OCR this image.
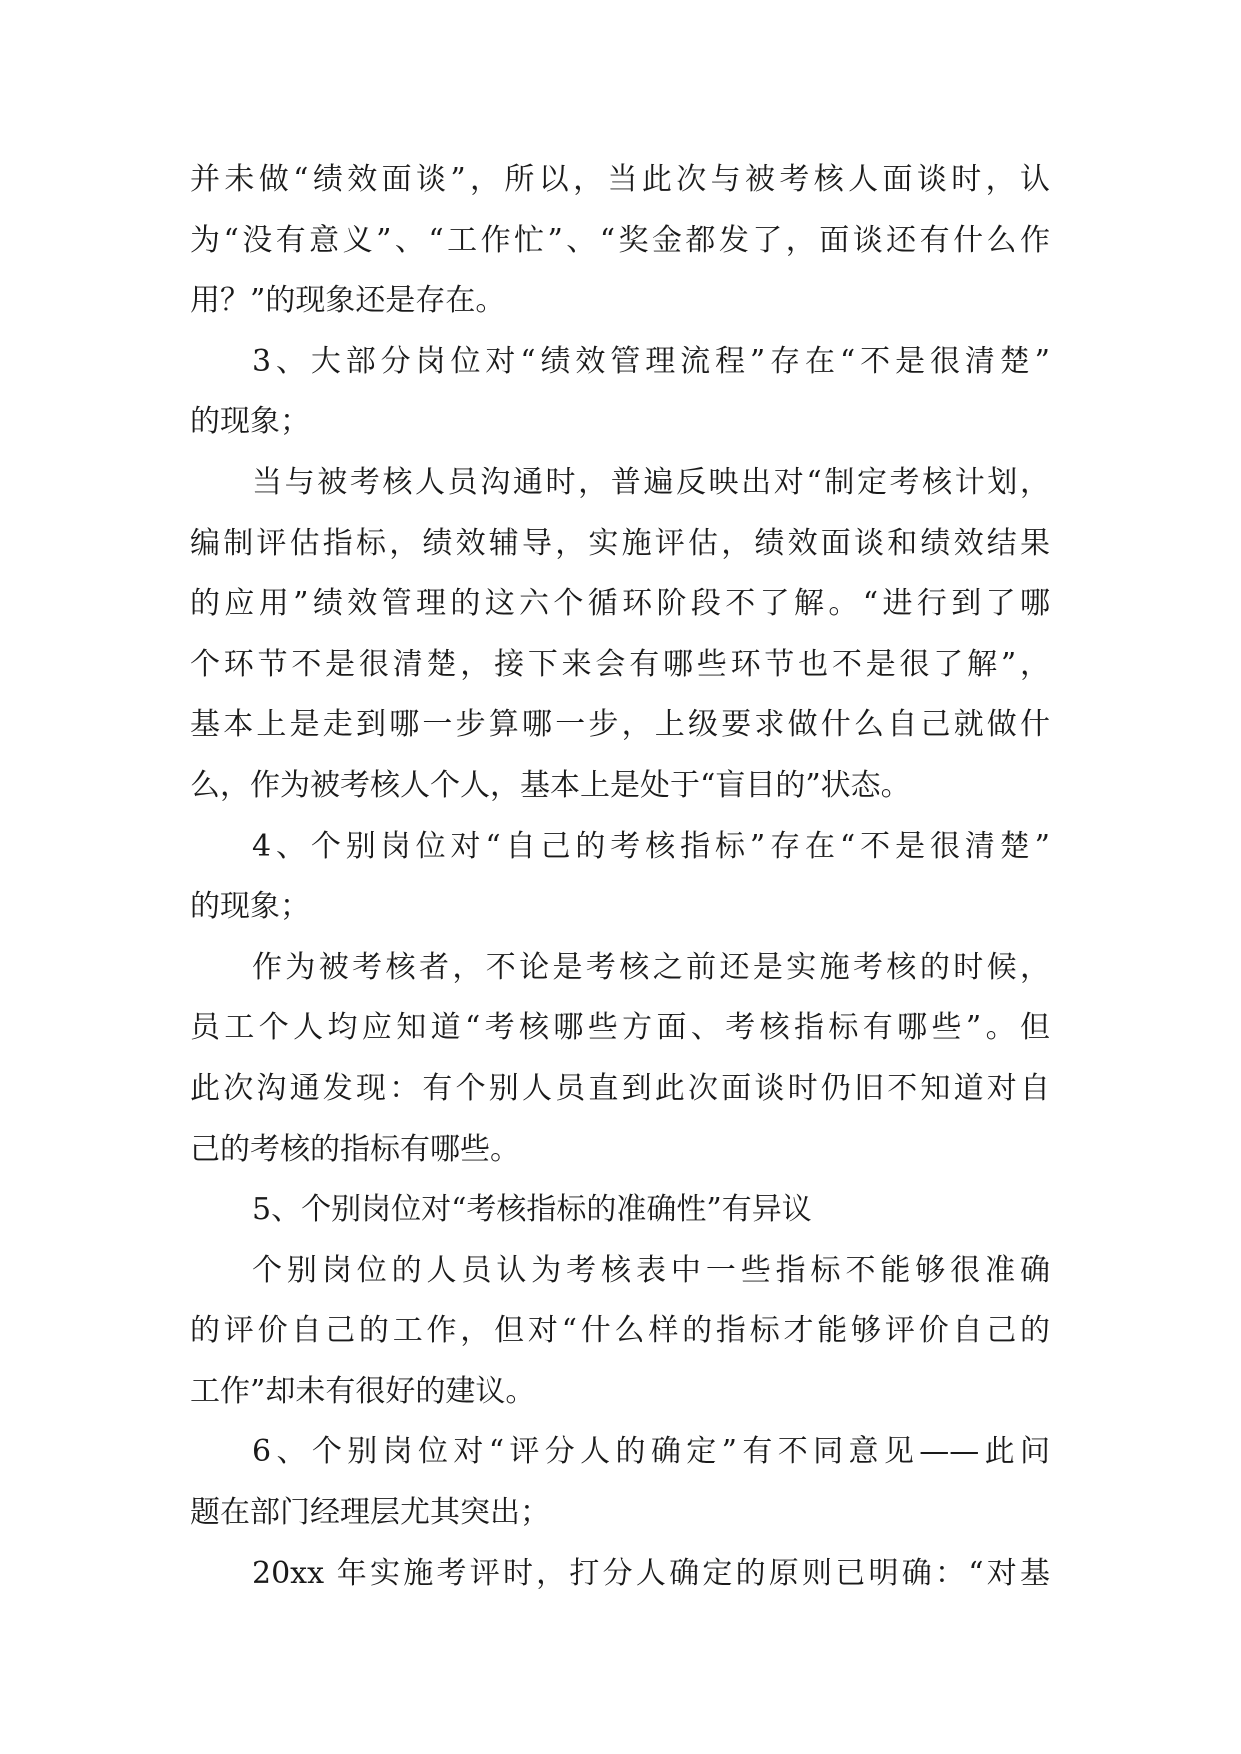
并未做“绩效面谈”，所以，当此次与被考核人面谈时，认
为“没有意义”、“工作忙”、“奖金都发了，面谈还有什么作
用？”的现象还是存在。
3、大部分岗位对“绩效管理流程”存在“不是很清楚”
的现象；
当与被考核人员沟通时，普遍反映出对“制定考核计划，
编制评估指标，绩效辅导，实施评估，绩效面谈和绩效结果
的应用”绩效管理的这六个循环阶段不了解。“进行到了哪
个环节不是很清楚，接下来会有哪些环节也不是很了解”，
基本上是走到哪一步算哪一步，上级要求做什么自己就做什
么，作为被考核人个人，基本上是处于“盲目的”状态。
4、个别岗位对“自己的考核指标”存在“不是很清楚”
的现象；
作为被考核者，不论是考核之前还是实施考核的时候，
员工个人均应知道“考核哪些方面、考核指标有哪些”。但
此次沟通发现：有个别人员直到此次面谈时仍旧不知道对自
己的考核的指标有哪些。
5、个别岗位对“考核指标的准确性”有异议
个别岗位的人员认为考核表中一些指标不能够很准确
的评价自己的工作，但对“什么样的指标才能够评价自己的
工作”却未有很好的建议。
6、个别岗位对“评分人的确定”有不同意见——此问
题在部门经理层尤其突出；
20xx 年实施考评时，打分人确定的原则已明确：“对基
